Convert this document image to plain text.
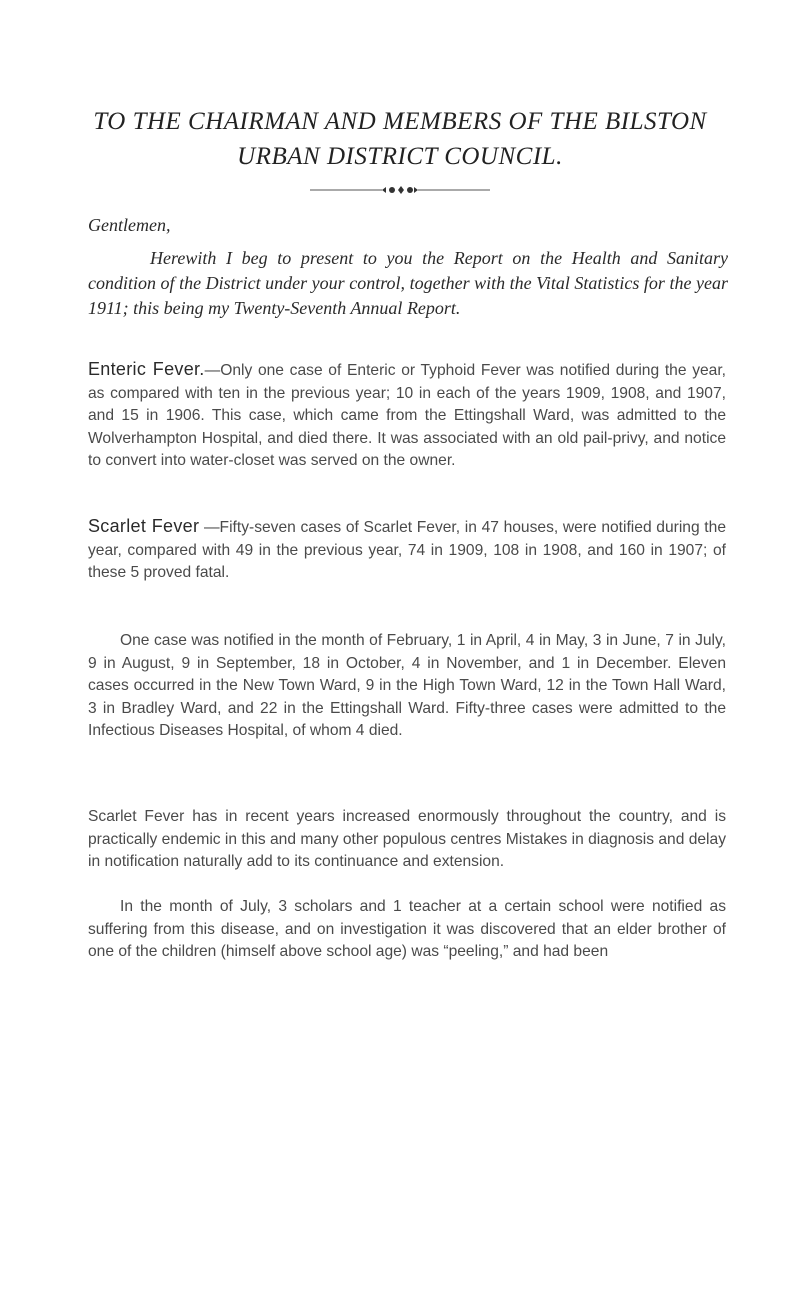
TO THE CHAIRMAN AND MEMBERS OF THE BILSTON
URBAN DISTRICT COUNCIL.
Gentlemen,
Herewith I beg to present to you the Report on the Health and Sanitary condition of the District under your control, together with the Vital Statistics for the year 1911; this being my Twenty-Seventh Annual Report.

Enteric Fever.—Only one case of Enteric or Typhoid Fever was notified during the year, as compared with ten in the previous year; 10 in each of the years 1909, 1908, and 1907, and 15 in 1906. This case, which came from the Ettingshall Ward, was admitted to the Wolverhampton Hospital, and died there. It was associated with an old pail-privy, and notice to convert into water-closet was served on the owner.

Scarlet Fever —Fifty-seven cases of Scarlet Fever, in 47 houses, were notified during the year, compared with 49 in the previous year, 74 in 1909, 108 in 1908, and 160 in 1907; of these 5 proved fatal.

One case was notified in the month of February, 1 in April, 4 in May, 3 in June, 7 in July, 9 in August, 9 in September, 18 in October, 4 in November, and 1 in December. Eleven cases occurred in the New Town Ward, 9 in the High Town Ward, 12 in the Town Hall Ward, 3 in Bradley Ward, and 22 in the Ettingshall Ward. Fifty-three cases were admitted to the Infectious Diseases Hospital, of whom 4 died.

Scarlet Fever has in recent years increased enormously throughout the country, and is practically endemic in this and many other populous centres Mistakes in diagnosis and delay in notification naturally add to its continuance and extension.

In the month of July, 3 scholars and 1 teacher at a certain school were notified as suffering from this disease, and on investigation it was discovered that an elder brother of one of the children (himself above school age) was “peeling,” and had been
